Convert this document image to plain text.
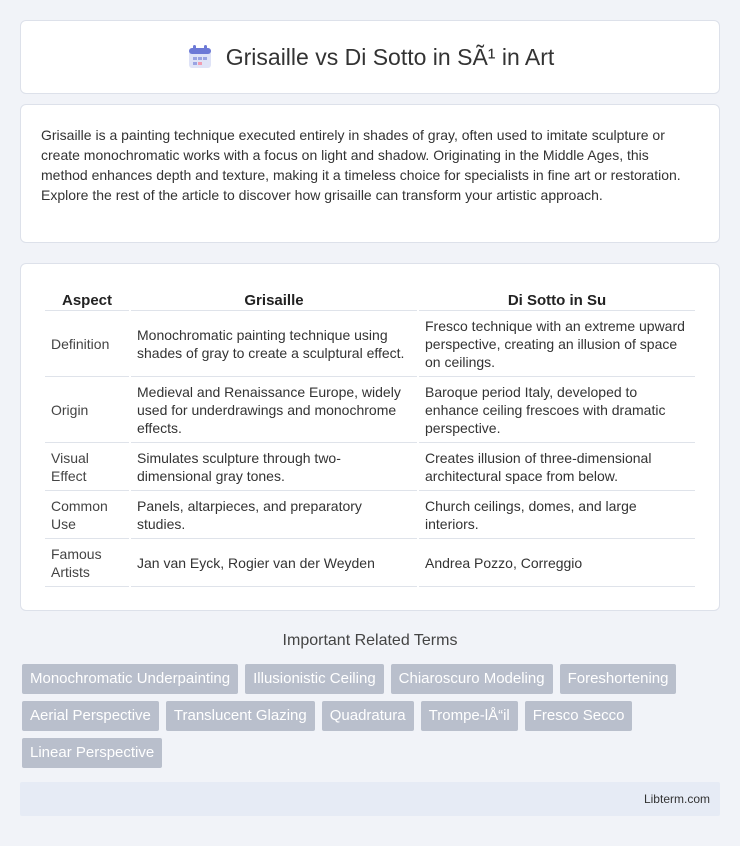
Grisaille vs Di Sotto in SÃ¹ in Art

Grisaille is a painting technique executed entirely in shades of gray, often used to imitate sculpture or create monochromatic works with a focus on light and shadow. Originating in the Middle Ages, this method enhances depth and texture, making it a timeless choice for specialists in fine art or restoration. Explore the rest of the article to discover how grisaille can transform your artistic approach.

Aspect	Grisaille	Di Sotto in Su
Definition	Monochromatic painting technique using shades of gray to create a sculptural effect.	Fresco technique with an extreme upward perspective, creating an illusion of space on ceilings.
Origin	Medieval and Renaissance Europe, widely used for underdrawings and monochrome effects.	Baroque period Italy, developed to enhance ceiling frescoes with dramatic perspective.
Visual Effect	Simulates sculpture through two-dimensional gray tones.	Creates illusion of three-dimensional architectural space from below.
Common Use	Panels, altarpieces, and preparatory studies.	Church ceilings, domes, and large interiors.
Famous Artists	Jan van Eyck, Rogier van der Weyden	Andrea Pozzo, Correggio
Important Related Terms
Monochromatic Underpainting	Illusionistic Ceiling	Chiaroscuro Modeling	Foreshortening
Aerial Perspective	Translucent Glazing	Quadratura	Trompe-lÅ“il	Fresco Secco
Linear Perspective
Libterm.com
